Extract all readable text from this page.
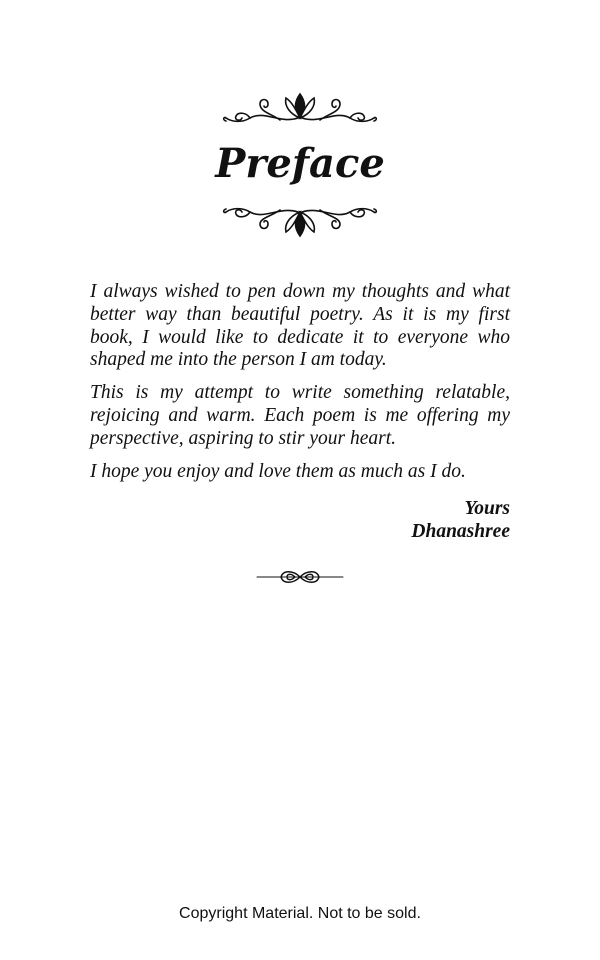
Preface

I always wished to pen down my thoughts and what better way than beautiful poetry. As it is my first book, I would like to dedicate it to everyone who shaped me into the person I am today.

This is my attempt to write something relatable, rejoicing and warm. Each poem is me offering my perspective, aspiring to stir your heart.

I hope you enjoy and love them as much as I do.

Yours
Dhanashree
Copyright Material. Not to be sold.
